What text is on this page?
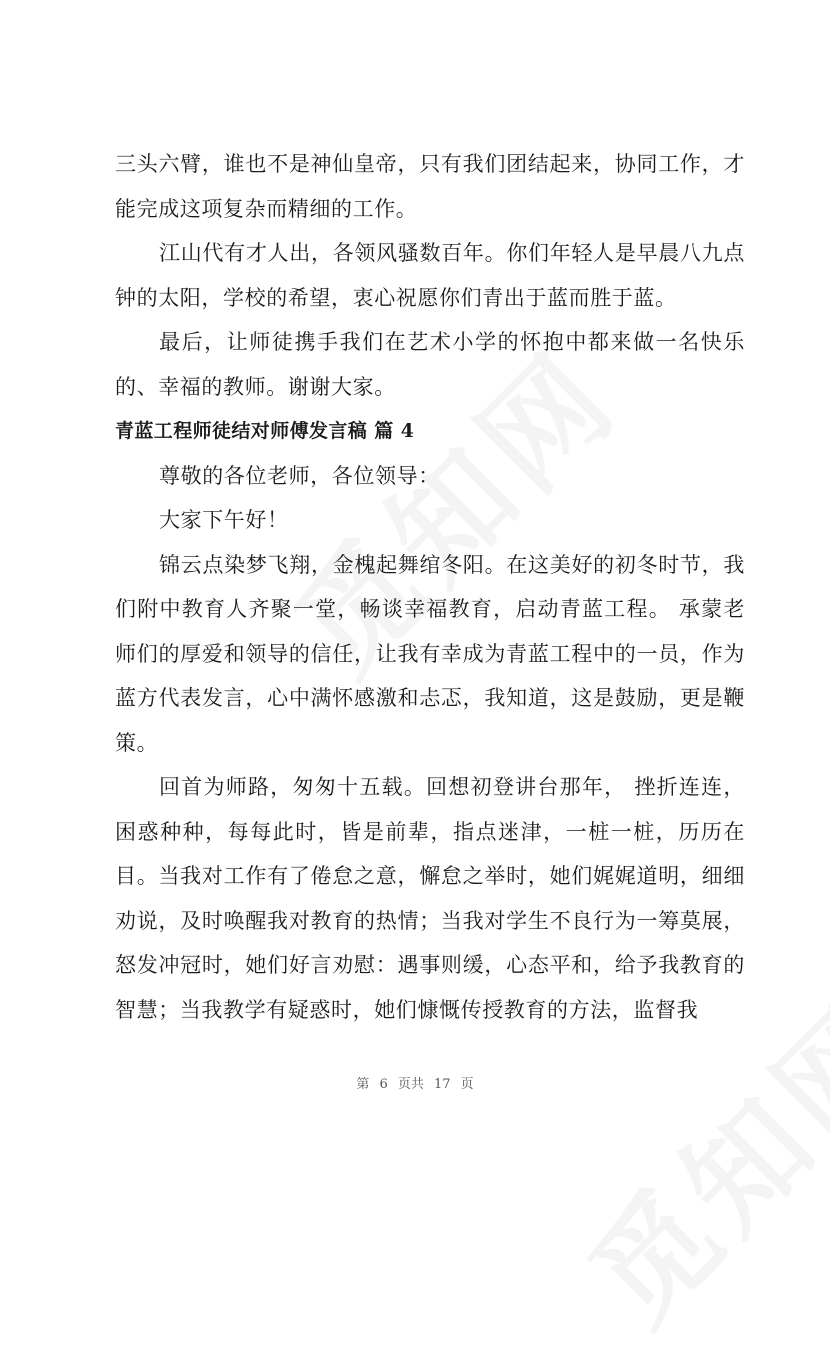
三头六臂，谁也不是神仙皇帝，只有我们团结起来，协同工作，才能完成这项复杂而精细的工作。

江山代有才人出，各领风骚数百年。你们年轻人是早晨八九点钟的太阳，学校的希望，衷心祝愿你们青出于蓝而胜于蓝。

最后，让师徒携手我们在艺术小学的怀抱中都来做一名快乐的、幸福的教师。谢谢大家。

青蓝工程师徒结对师傅发言稿 篇 4

尊敬的各位老师，各位领导：

大家下午好！

锦云点染梦飞翔，金槐起舞绾冬阳。在这美好的初冬时节，我们附中教育人齐聚一堂，畅谈幸福教育，启动青蓝工程。 承蒙老师们的厚爱和领导的信任，让我有幸成为青蓝工程中的一员，作为蓝方代表发言，心中满怀感激和忐忑，我知道，这是鼓励，更是鞭策。

回首为师路，匆匆十五载。回想初登讲台那年， 挫折连连，困惑种种，每每此时，皆是前辈，指点迷津，一桩一桩，历历在目。当我对工作有了倦怠之意，懈怠之举时，她们娓娓道明，细细劝说，及时唤醒我对教育的热情；当我对学生不良行为一筹莫展，怒发冲冠时，她们好言劝慰：遇事则缓，心态平和，给予我教育的智慧；当我教学有疑惑时，她们慷慨传授教育的方法，监督我

第 6 页共 17 页
